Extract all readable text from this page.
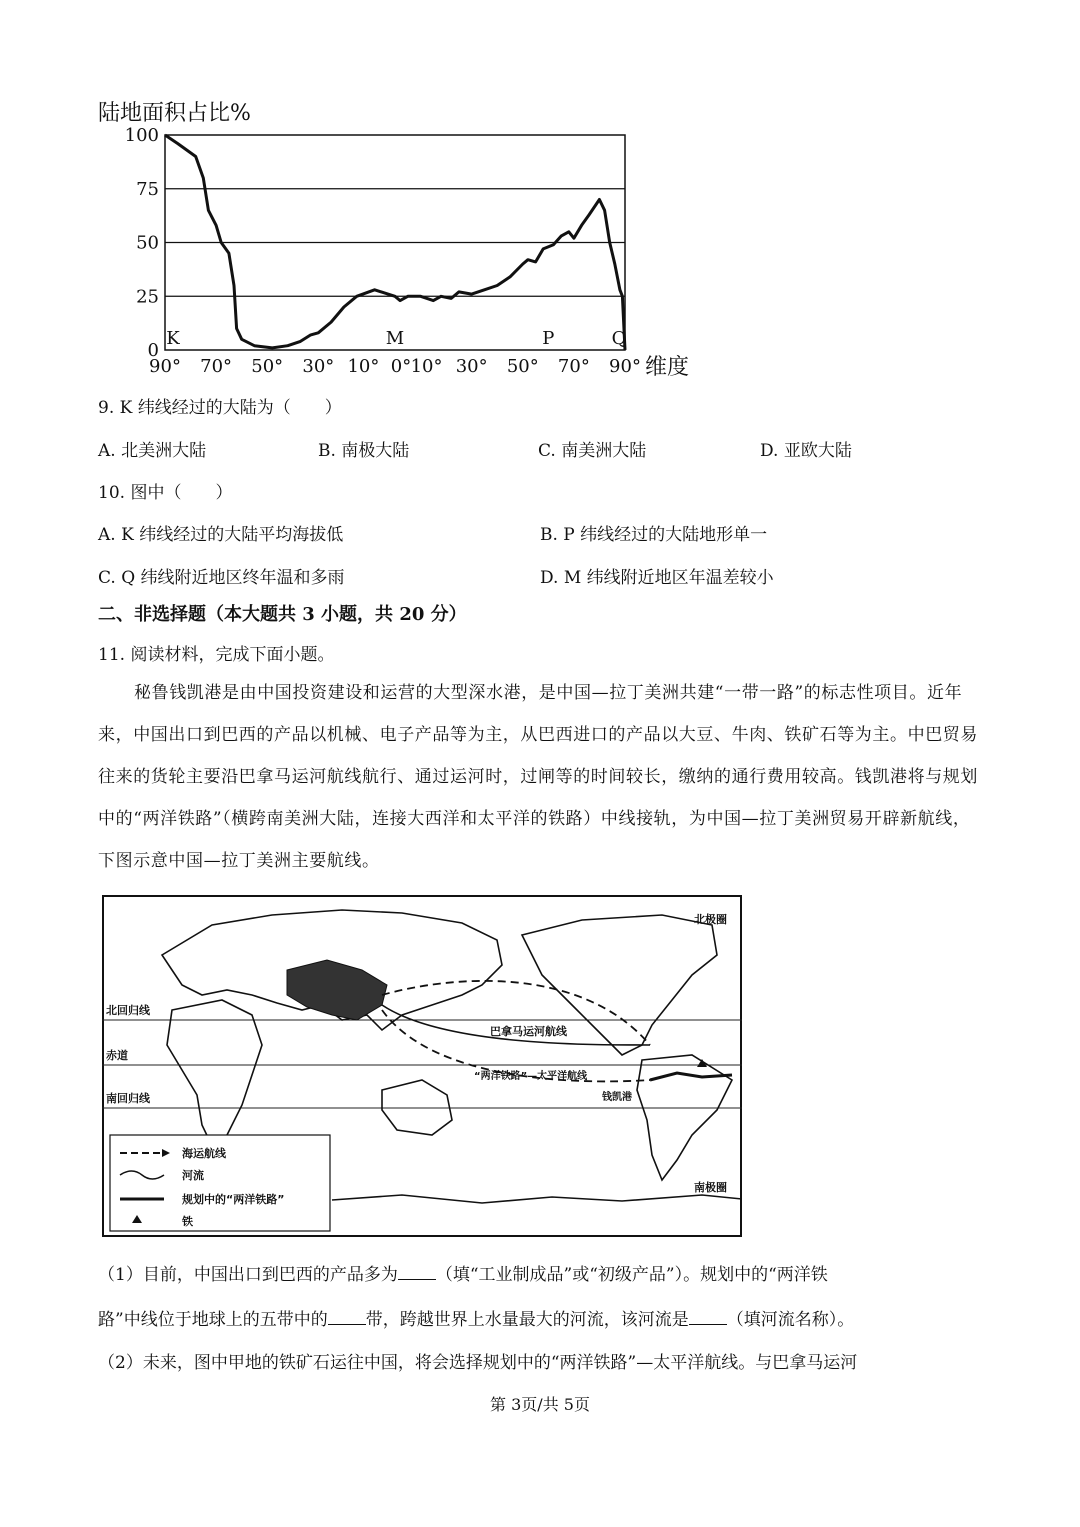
陆地面积占比%
100
75
50
25
0
90° 70° 50° 30° 10° 0° 10° 30° 50° 70° 90°
K	M	P	Q
维度
9. K 纬线经过的大陆为（　　）
A. 北美洲大陆	B. 南极大陆	C. 南美洲大陆	D. 亚欧大陆
10. 图中（　　）
A. K 纬线经过的大陆平均海拔低	B. P 纬线经过的大陆地形单一
C. Q 纬线附近地区终年温和多雨	D. M 纬线附近地区年温差较小
二、非选择题（本大题共 3 小题，共 20 分）
11. 阅读材料，完成下面小题。
秘鲁钱凯港是由中国投资建设和运营的大型深水港，是中国—拉丁美洲共建“一带一路”的标志性项目。近年来，中国出口到巴西的产品以机械、电子产品等为主，从巴西进口的产品以大豆、牛肉、铁矿石等为主。中巴贸易往来的货轮主要沿巴拿马运河航线航行、通过运河时，过闸等的时间较长，缴纳的通行费用较高。钱凯港将与规划中的“两洋铁路”（横跨南美洲大陆，连接大西洋和太平洋的铁路）中线接轨，为中国—拉丁美洲贸易开辟新航线，下图示意中国—拉丁美洲主要航线。
北极圈
北回归线
赤道
南回归线
南极圈
巴拿马运河航线
“两洋铁路”—太平洋航线
钱凯港
海运航线
河流
规划中的“两洋铁路”
铁
（1）目前，中国出口到巴西的产品多为 （填“工业制成品”或“初级产品”）。规划中的“两洋铁
路”中线位于地球上的五带中的 带，跨越世界上水量最大的河流，该河流是 （填河流名称）。
（2）未来，图中甲地的铁矿石运往中国，将会选择规划中的“两洋铁路”—太平洋航线。与巴拿马运河
第 3页/共 5页
